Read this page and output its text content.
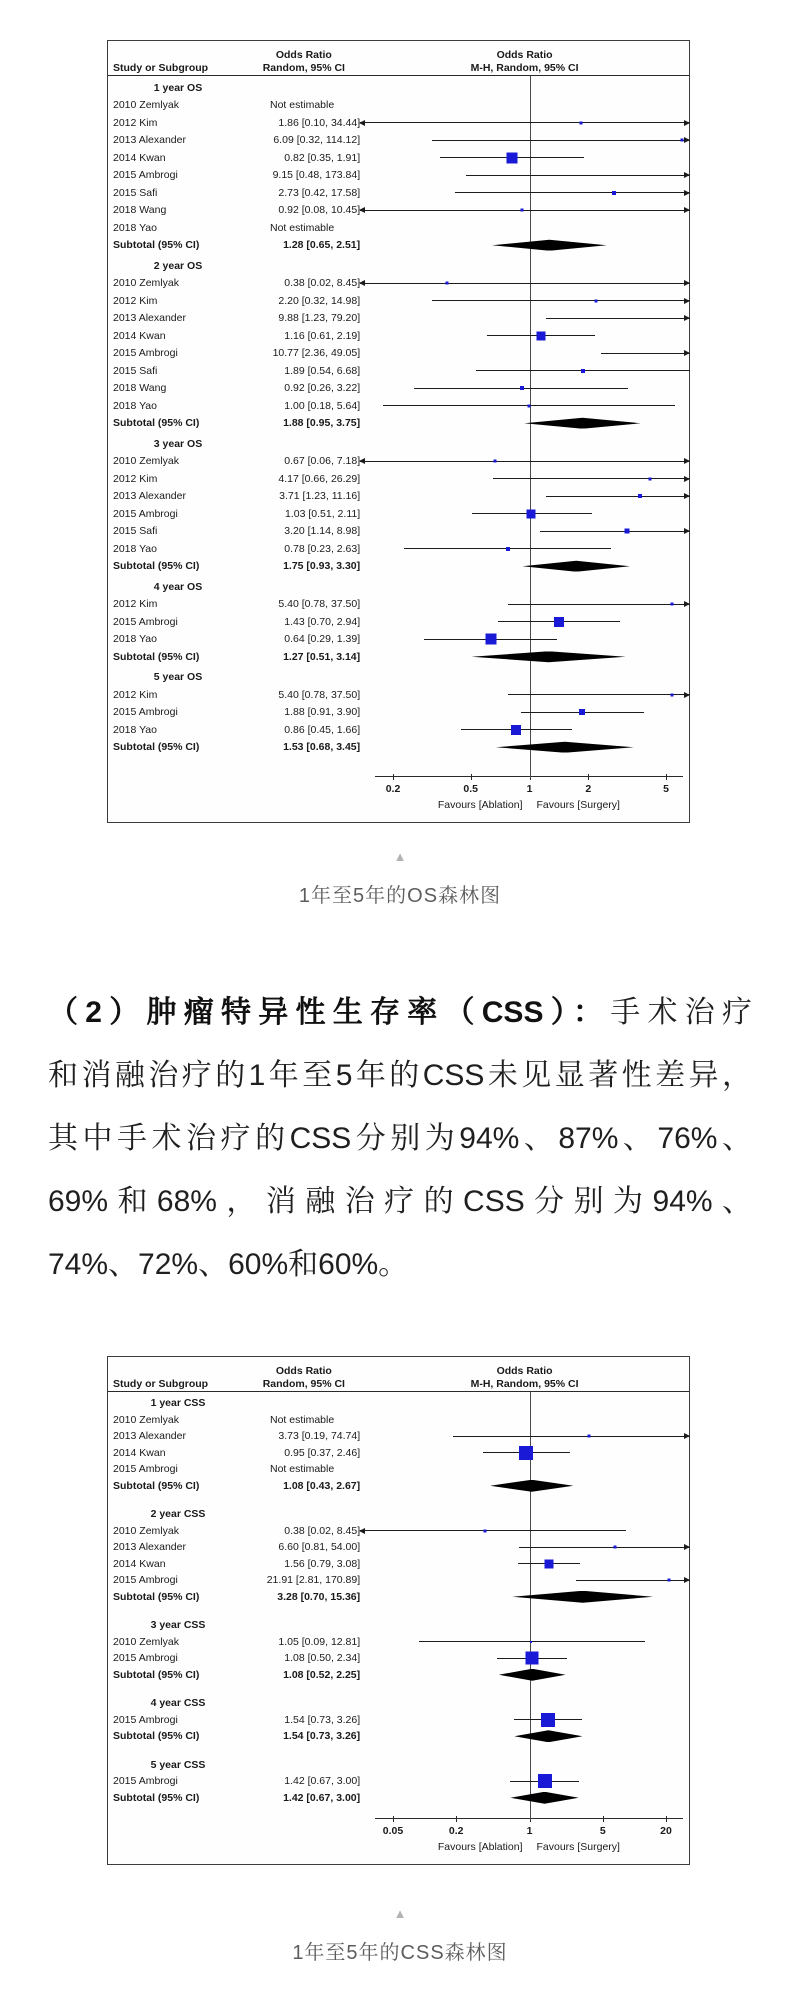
Study or Subgroup
Odds Ratio
Random, 95% CI
Odds Ratio
M-H, Random, 95% CI
1 year OS
2010 Zemlyak	Not estimable
2012 Kim	1.86 [0.10, 34.44]
2013 Alexander	6.09 [0.32, 114.12]
2014 Kwan	0.82 [0.35, 1.91]
2015 Ambrogi	9.15 [0.48, 173.84]
2015 Safi	2.73 [0.42, 17.58]
2018 Wang	0.92 [0.08, 10.45]
2018 Yao	Not estimable
Subtotal (95% CI)	1.28 [0.65, 2.51]
2 year OS
2010 Zemlyak	0.38 [0.02, 8.45]
2012 Kim	2.20 [0.32, 14.98]
2013 Alexander	9.88 [1.23, 79.20]
2014 Kwan	1.16 [0.61, 2.19]
2015 Ambrogi	10.77 [2.36, 49.05]
2015 Safi	1.89 [0.54, 6.68]
2018 Wang	0.92 [0.26, 3.22]
2018 Yao	1.00 [0.18, 5.64]
Subtotal (95% CI)	1.88 [0.95, 3.75]
3 year OS
2010 Zemlyak	0.67 [0.06, 7.18]
2012 Kim	4.17 [0.66, 26.29]
2013 Alexander	3.71 [1.23, 11.16]
2015 Ambrogi	1.03 [0.51, 2.11]
2015 Safi	3.20 [1.14, 8.98]
2018 Yao	0.78 [0.23, 2.63]
Subtotal (95% CI)	1.75 [0.93, 3.30]
4 year OS
2012 Kim	5.40 [0.78, 37.50]
2015 Ambrogi	1.43 [0.70, 2.94]
2018 Yao	0.64 [0.29, 1.39]
Subtotal (95% CI)	1.27 [0.51, 3.14]
5 year OS
2012 Kim	5.40 [0.78, 37.50]
2015 Ambrogi	1.88 [0.91, 3.90]
2018 Yao	0.86 [0.45, 1.66]
Subtotal (95% CI)	1.53 [0.68, 3.45]
0.2	0.5	1	2	5
Favours [Ablation] Favours [Surgery]
▲
1年至5年的OS森林图
（2）肿瘤特异性生存率（CSS）：手术治疗
和消融治疗的1年至5年的CSS未见显著性差异，
其中手术治疗的CSS分别为94%、87%、76%、
69%和68%，消融治疗的CSS分别为94%、
74%、72%、60%和60%。
Study or Subgroup
Odds Ratio
Random, 95% CI
Odds Ratio
M-H, Random, 95% CI
1 year CSS
2010 Zemlyak	Not estimable
2013 Alexander	3.73 [0.19, 74.74]
2014 Kwan	0.95 [0.37, 2.46]
2015 Ambrogi	Not estimable
Subtotal (95% CI)	1.08 [0.43, 2.67]
2 year CSS
2010 Zemlyak	0.38 [0.02, 8.45]
2013 Alexander	6.60 [0.81, 54.00]
2014 Kwan	1.56 [0.79, 3.08]
2015 Ambrogi	21.91 [2.81, 170.89]
Subtotal (95% CI)	3.28 [0.70, 15.36]
3 year CSS
2010 Zemlyak	1.05 [0.09, 12.81]
2015 Ambrogi	1.08 [0.50, 2.34]
Subtotal (95% CI)	1.08 [0.52, 2.25]
4 year CSS
2015 Ambrogi	1.54 [0.73, 3.26]
Subtotal (95% CI)	1.54 [0.73, 3.26]
5 year CSS
2015 Ambrogi	1.42 [0.67, 3.00]
Subtotal (95% CI)	1.42 [0.67, 3.00]
0.05	0.2	1	5	20
Favours [Ablation] Favours [Surgery]
▲
1年至5年的CSS森林图
